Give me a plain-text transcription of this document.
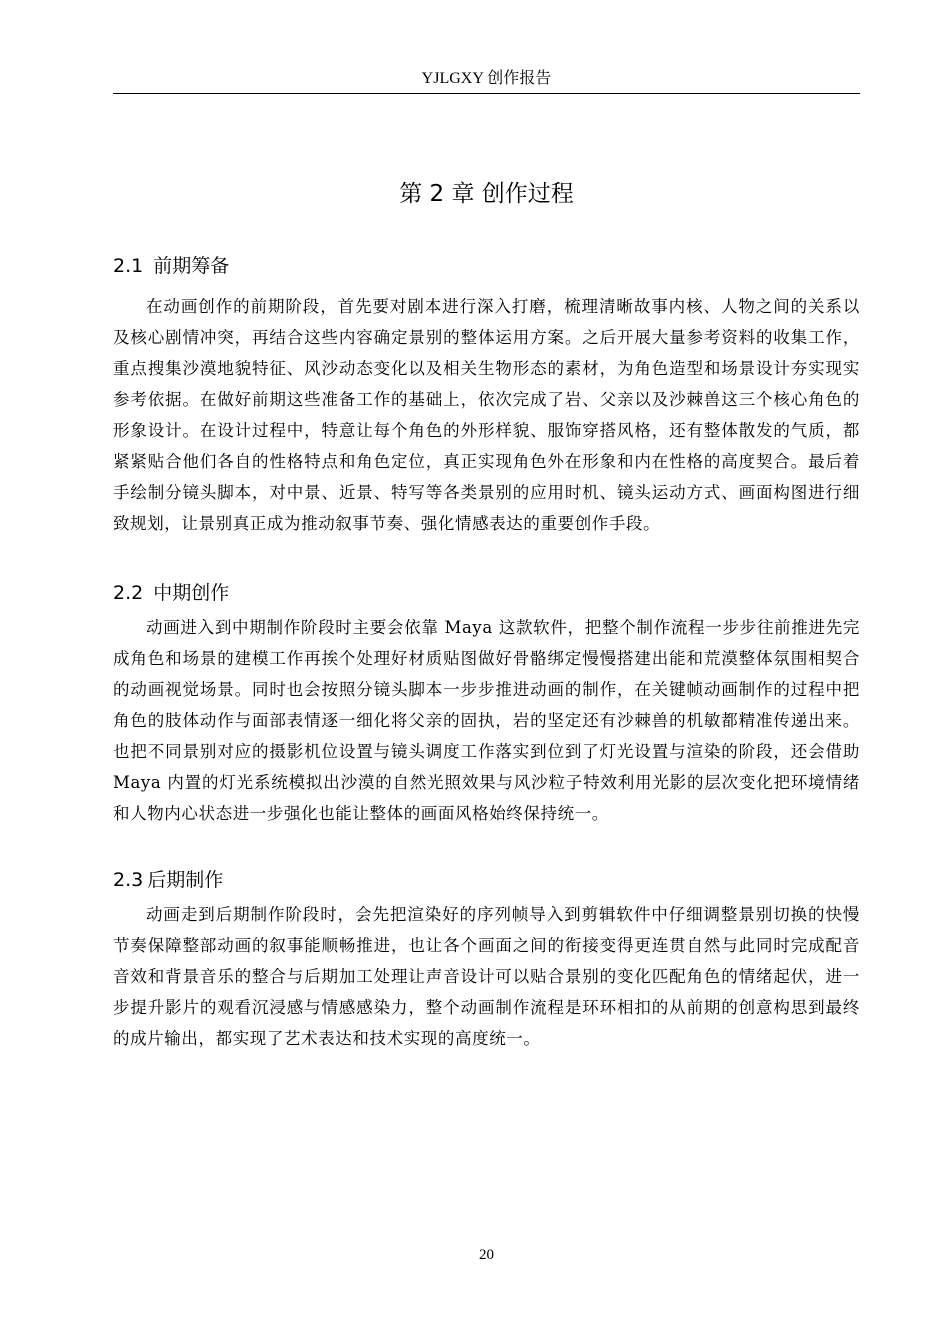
YJLGXY 创作报告
第 2 章 创作过程
2.1 前期筹备

在动画创作的前期阶段，首先要对剧本进行深入打磨，梳理清晰故事内核、人物之间的关系以及核心剧情冲突，再结合这些内容确定景别的整体运用方案。之后开展大量参考资料的收集工作，重点搜集沙漠地貌特征、风沙动态变化以及相关生物形态的素材，为角色造型和场景设计夯实现实参考依据。在做好前期这些准备工作的基础上，依次完成了岩、父亲以及沙棘兽这三个核心角色的形象设计。在设计过程中，特意让每个角色的外形样貌、服饰穿搭风格，还有整体散发的气质，都紧紧贴合他们各自的性格特点和角色定位，真正实现角色外在形象和内在性格的高度契合。最后着手绘制分镜头脚本，对中景、近景、特写等各类景别的应用时机、镜头运动方式、画面构图进行细致规划，让景别真正成为推动叙事节奏、强化情感表达的重要创作手段。

2.2 中期创作

动画进入到中期制作阶段时主要会依靠 Maya 这款软件，把整个制作流程一步步往前推进先完成角色和场景的建模工作再挨个处理好材质贴图做好骨骼绑定慢慢搭建出能和荒漠整体氛围相契合的动画视觉场景。同时也会按照分镜头脚本一步步推进动画的制作，在关键帧动画制作的过程中把角色的肢体动作与面部表情逐一细化将父亲的固执，岩的坚定还有沙棘兽的机敏都精准传递出来。也把不同景别对应的摄影机位设置与镜头调度工作落实到位到了灯光设置与渲染的阶段，还会借助 Maya 内置的灯光系统模拟出沙漠的自然光照效果与风沙粒子特效利用光影的层次变化把环境情绪和人物内心状态进一步强化也能让整体的画面风格始终保持统一。

2.3 后期制作

动画走到后期制作阶段时，会先把渲染好的序列帧导入到剪辑软件中仔细调整景别切换的快慢节奏保障整部动画的叙事能顺畅推进，也让各个画面之间的衔接变得更连贯自然与此同时完成配音音效和背景音乐的整合与后期加工处理让声音设计可以贴合景别的变化匹配角色的情绪起伏，进一步提升影片的观看沉浸感与情感感染力，整个动画制作流程是环环相扣的从前期的创意构思到最终的成片输出，都实现了艺术表达和技术实现的高度统一。

20
